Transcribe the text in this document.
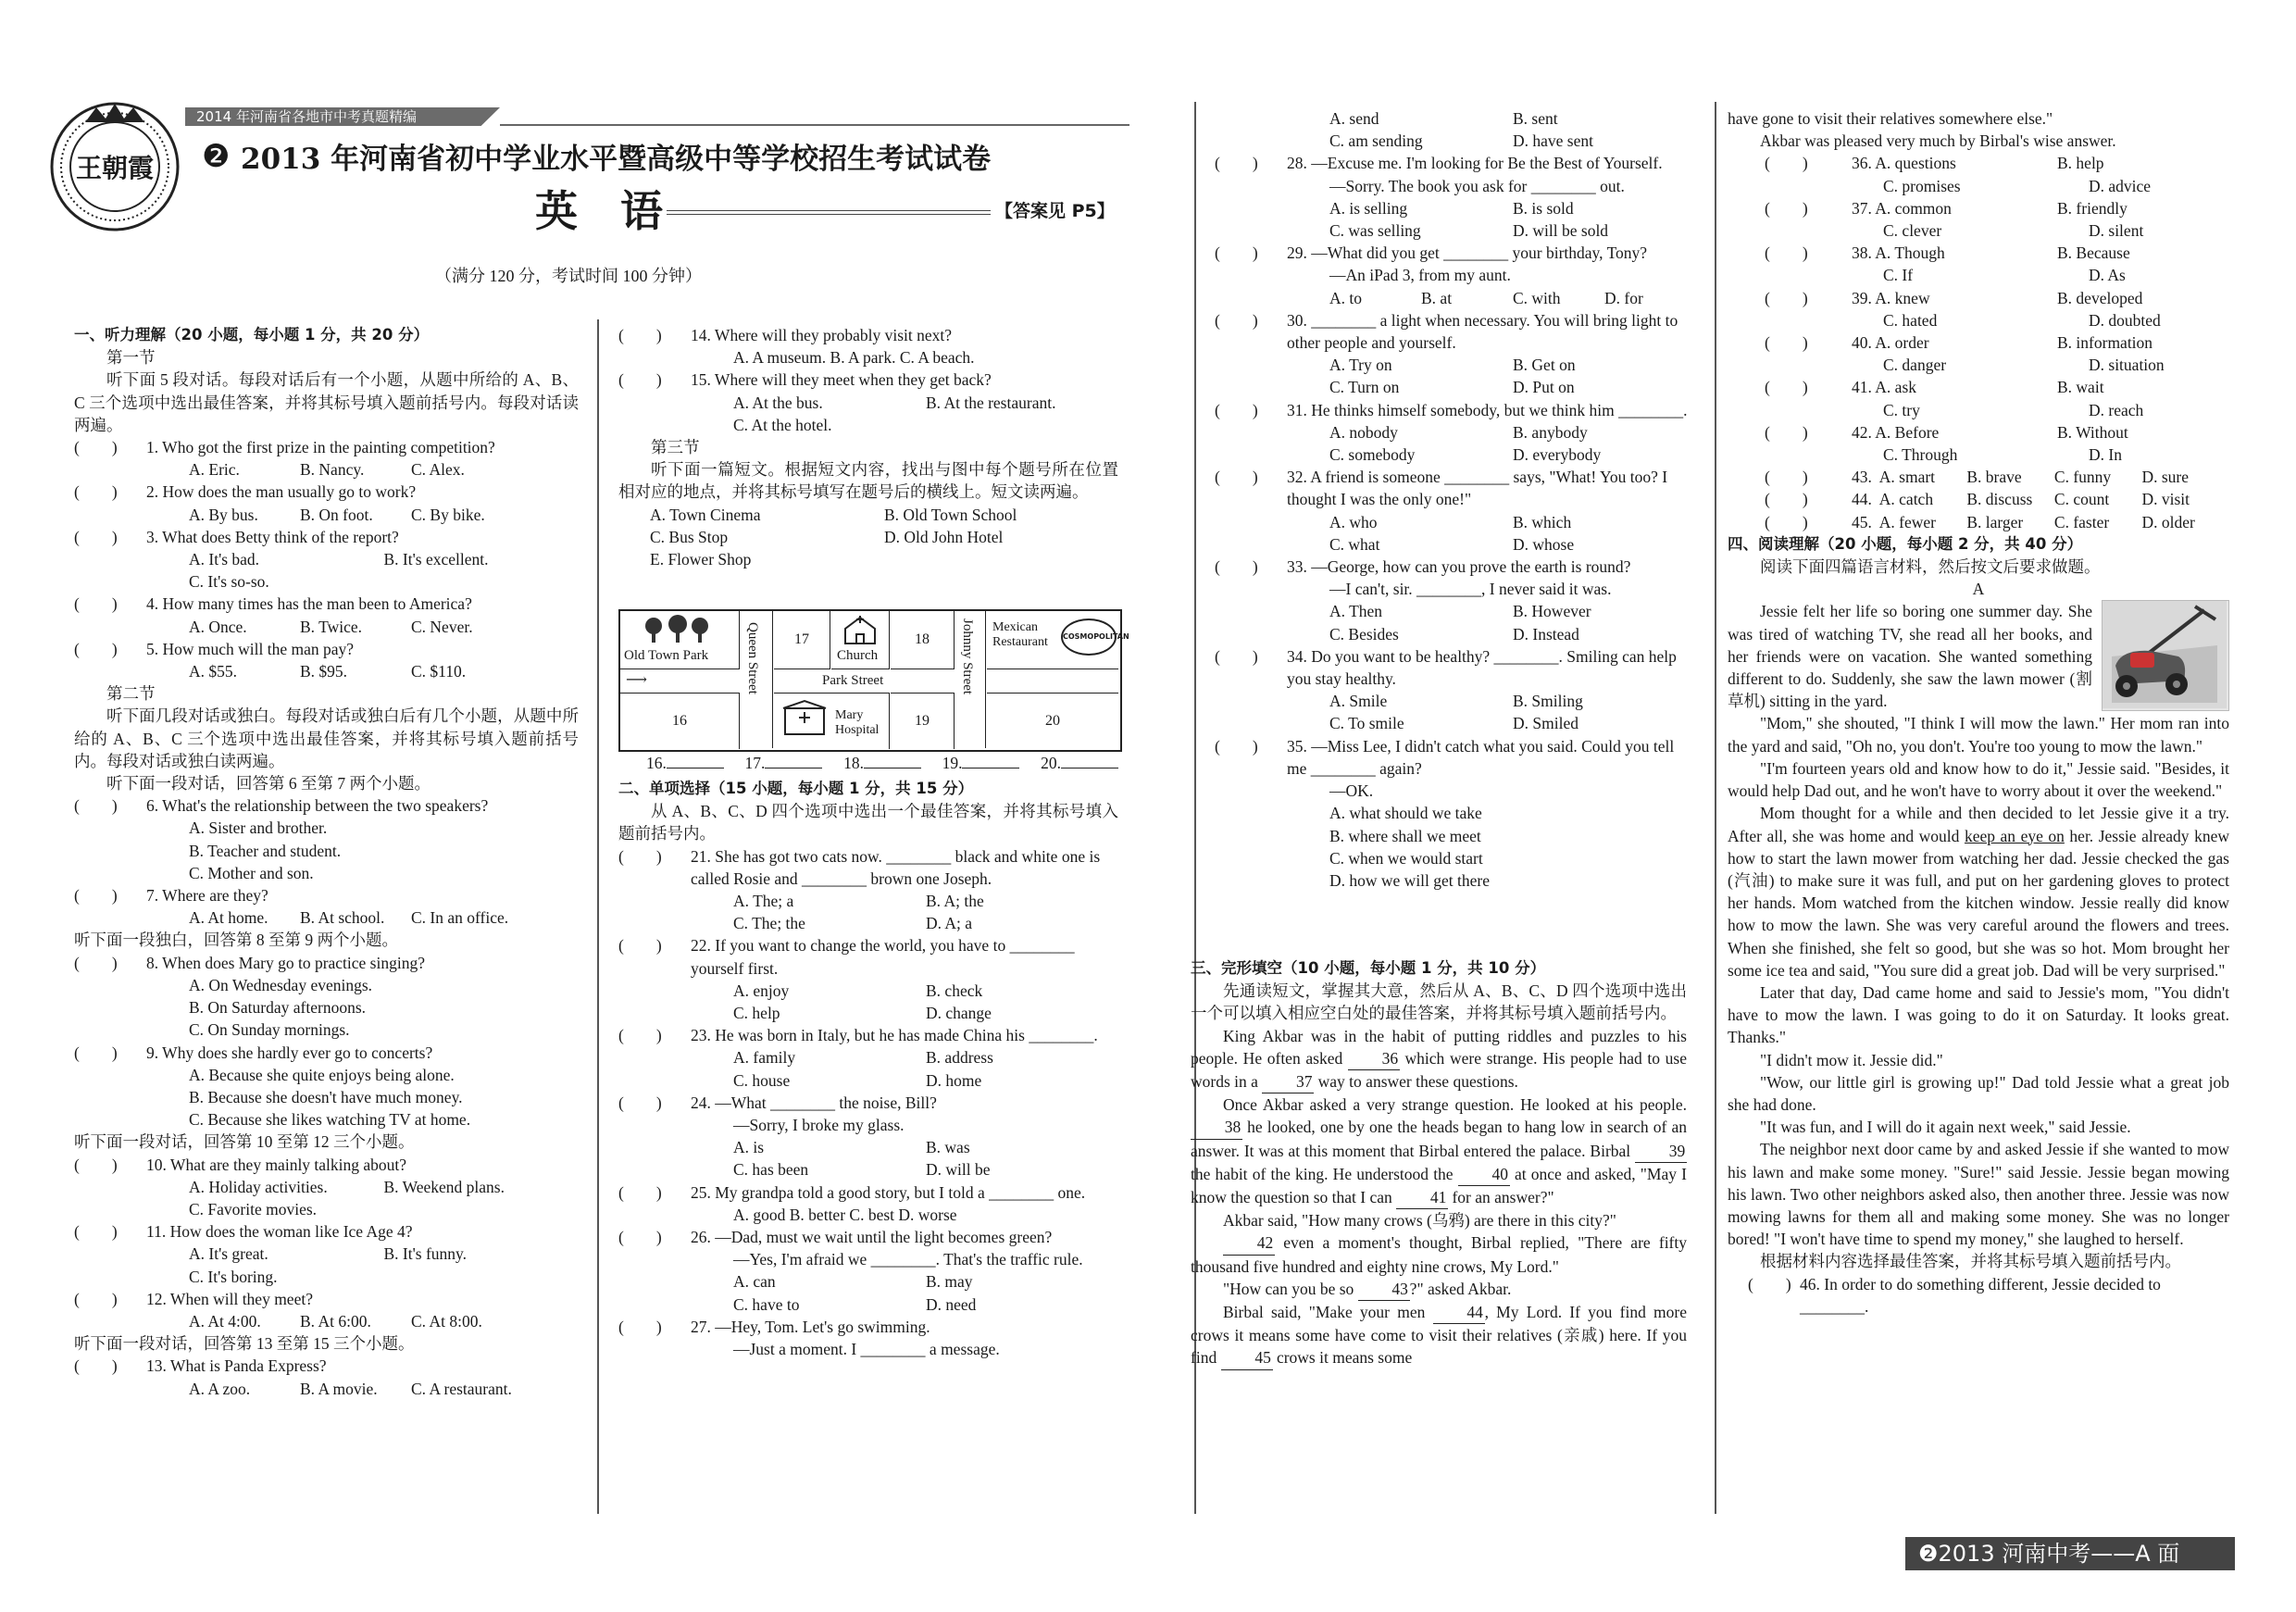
2014 年河南省各地市中考真题精编
王朝霞	❷ 2013 年河南省初中学业水平暨高级中等学校招生考试试卷
英　语	【答案见 P5】
（满分 120 分，考试时间 100 分钟）
一、听力理解（20 小题，每小题 1 分，共 20 分）

第一节

听下面 5 段对话。每段对话后有一个小题，从题中所给的 A、B、C 三个选项中选出最佳答案，并将其标号填入题前括号内。每段对话读两遍。

(　　)	1. Who got the first prize in the painting competition?
A. Eric.	B. Nancy.	C. Alex.
(　　)	2. How does the man usually go to work?
A. By bus.	B. On foot.	C. By bike.
(　　)	3. What does Betty think of the report?
A. It's bad.	B. It's excellent.
C. It's so-so.
(　　)	4. How many times has the man been to America?
A. Once.	B. Twice.	C. Never.
(　　)	5. How much will the man pay?
A. $55.	B. $95.	C. $110.

第二节

听下面几段对话或独白。每段对话或独白后有几个小题，从题中所给的 A、B、C 三个选项中选出最佳答案，并将其标号填入题前括号内。每段对话或独白读两遍。

听下面一段对话，回答第 6 至第 7 两个小题。

(　　)	6. What's the relationship between the two speakers?
A. Sister and brother.
B. Teacher and student.
C. Mother and son.
(　　)	7. Where are they?
A. At home.	B. At school.	C. In an office.

听下面一段独白，回答第 8 至第 9 两个小题。

(　　)	8. When does Mary go to practice singing?
A. On Wednesday evenings.
B. On Saturday afternoons.
C. On Sunday mornings.
(　　)	9. Why does she hardly ever go to concerts?
A. Because she quite enjoys being alone.
B. Because she doesn't have much money.
C. Because she likes watching TV at home.

听下面一段对话，回答第 10 至第 12 三个小题。

(　　)	10. What are they mainly talking about?
A. Holiday activities.	B. Weekend plans.
C. Favorite movies.
(　　)	11. How does the woman like Ice Age 4?
A. It's great.	B. It's funny.
C. It's boring.
(　　)	12. When will they meet?
A. At 4:00.	B. At 6:00.	C. At 8:00.

听下面一段对话，回答第 13 至第 15 三个小题。

(　　)	13. What is Panda Express?
A. A zoo.	B. A movie.	C. A restaurant.
(　　)	14. Where will they probably visit next?
A. A museum. B. A park. C. A beach.
(　　)	15. Where will they meet when they get back?
A. At the bus.	B. At the restaurant.
C. At the hotel.

第三节

听下面一篇短文。根据短文内容，找出与图中每个题号所在位置相对应的地点，并将其标号填写在题号后的横线上。短文读两遍。

A. Town Cinema	B. Old Town School
C. Bus Stop	D. Old John Hotel
E. Flower Shop
Old Town Park	Queen Street	17
Church
18	Johnny Street Mexican Restaurant	COSMOPOLITAN
Park Street
⟶
16	Mary Hospital
19	20
16.	17.	18.	19.	20.
二、单项选择（15 小题，每小题 1 分，共 15 分）

从 A、B、C、D 四个选项中选出一个最佳答案，并将其标号填入题前括号内。

(　　)	21. She has got two cats now. ________ black and white one is called Rosie and ________ brown one Joseph.
A. The; a	B. A; the
C. The; the	D. A; a
(　　)	22. If you want to change the world, you have to ________ yourself first.
A. enjoy	B. check
C. help	D. change
(　　)	23. He was born in Italy, but he has made China his ________.
A. family	B. address
C. house	D. home
(　　)	24. —What ________ the noise, Bill?
—Sorry, I broke my glass.
A. is	B. was
C. has been	D. will be
(　　)	25. My grandpa told a good story, but I told a ________ one.
A. good B. better C. best D. worse
(　　)	26. —Dad, must we wait until the light becomes green?
—Yes, I'm afraid we ________. That's the traffic rule.
A. can	B. may
C. have to	D. need
(　　)	27. —Hey, Tom. Let's go swimming.
—Just a moment. I ________ a message.
A. send	B. sent
C. am sending	D. have sent
(　　)	28. —Excuse me. I'm looking for Be the Best of Yourself.
—Sorry. The book you ask for ________ out.
A. is selling	B. is sold
C. was selling	D. will be sold
(　　)	29. —What did you get ________ your birthday, Tony?
—An iPad 3, from my aunt.
A. to	B. at	C. with	D. for
(　　)	30. ________ a light when necessary. You will bring light to other people and yourself.
A. Try on	B. Get on
C. Turn on	D. Put on
(　　)	31. He thinks himself somebody, but we think him ________.
A. nobody	B. anybody
C. somebody	D. everybody
(　　)	32. A friend is someone ________ says, "What! You too? I thought I was the only one!"
A. who	B. which
C. what	D. whose
(　　)	33. —George, how can you prove the earth is round?
—I can't, sir. ________, I never said it was.
A. Then	B. However
C. Besides	D. Instead
(　　)	34. Do you want to be healthy? ________. Smiling can help you stay healthy.
A. Smile	B. Smiling
C. To smile	D. Smiled
(　　)	35. —Miss Lee, I didn't catch what you said. Could you tell me ________ again?
—OK.
A. what should we take
B. where shall we meet
C. when we would start
D. how we will get there
三、完形填空（10 小题，每小题 1 分，共 10 分）

先通读短文，掌握其大意，然后从 A、B、C、D 四个选项中选出一个可以填入相应空白处的最佳答案，并将其标号填入题前括号内。

King Akbar was in the habit of putting riddles and puzzles to his people. He often asked 36 which were strange. His people had to use words in a 37 way to answer these questions.

Once Akbar asked a very strange question. He looked at his people. 38 he looked, one by one the heads began to hang low in search of an answer. It was at this moment that Birbal entered the palace. Birbal 39 the habit of the king. He understood the 40 at once and asked, "May I know the question so that I can 41 for an answer?"

Akbar said, "How many crows (乌鸦) are there in this city?"

42 even a moment's thought, Birbal replied, "There are fifty thousand five hundred and eighty nine crows, My Lord."

"How can you be so 43 ?" asked Akbar.

Birbal said, "Make your men 44 , My Lord. If you find more crows it means some have come to visit their relatives (亲戚) here. If you find 45 crows it means some

have gone to visit their relatives somewhere else."

Akbar was pleased very much by Birbal's wise answer.

(　　)	36. A. questions	B. help
C. promises	D. advice
(　　)	37. A. common	B. friendly
C. clever	D. silent
(　　)	38. A. Though	B. Because
C. If	D. As
(　　)	39. A. knew	B. developed
C. hated	D. doubted
(　　)	40. A. order	B. information
C. danger	D. situation
(　　)	41. A. ask	B. wait
C. try	D. reach
(　　)	42. A. Before	B. Without
C. Through	D. In
(　　)	43. A. smart	B. brave	C. funny	D. sure
(　　)	44. A. catch	B. discuss	C. count	D. visit
(　　)	45. A. fewer	B. larger	C. faster	D. older
四、阅读理解（20 小题，每小题 2 分，共 40 分）

阅读下面四篇语言材料，然后按文后要求做题。

A

Jessie felt her life so boring one summer day. She was tired of watching TV, she read all her books, and her friends were on vacation. She wanted something different to do. Suddenly, she saw the lawn mower (割草机) sitting in the yard.

"Mom," she shouted, "I think I will mow the lawn." Her mom ran into the yard and said, "Oh no, you don't. You're too young to mow the lawn."

"I'm fourteen years old and know how to do it," Jessie said. "Besides, it would help Dad out, and he won't have to worry about it over the weekend."

Mom thought for a while and then decided to let Jessie give it a try. After all, she was home and would keep an eye on her. Jessie already knew how to start the lawn mower from watching her dad. Jessie checked the gas (汽油) to make sure it was full, and put on her gardening gloves to protect her hands. Mom watched from the kitchen window. Jessie really did know how to mow the lawn. She was very careful around the flowers and trees. When she finished, she felt so good, but she was so hot. Mom brought her some ice tea and said, "You sure did a great job. Dad will be very surprised."

Later that day, Dad came home and said to Jessie's mom, "You didn't have to mow the lawn. I was going to do it on Saturday. It looks great. Thanks."

"I didn't mow it. Jessie did."

"Wow, our little girl is growing up!" Dad told Jessie what a great job she had done.

"It was fun, and I will do it again next week," said Jessie.

The neighbor next door came by and asked Jessie if she wanted to mow his lawn and make some money. "Sure!" said Jessie. Jessie began mowing his lawn. Two other neighbors asked also, then another three. Jessie was now mowing lawns for them all and making some money. She was no longer bored! "I won't have time to spend my money," she laughed to herself.

根据材料内容选择最佳答案，并将其标号填入题前括号内。

(　　) 46. In order to do something different, Jessie decided to ________.
❷2013 河南中考——A 面
